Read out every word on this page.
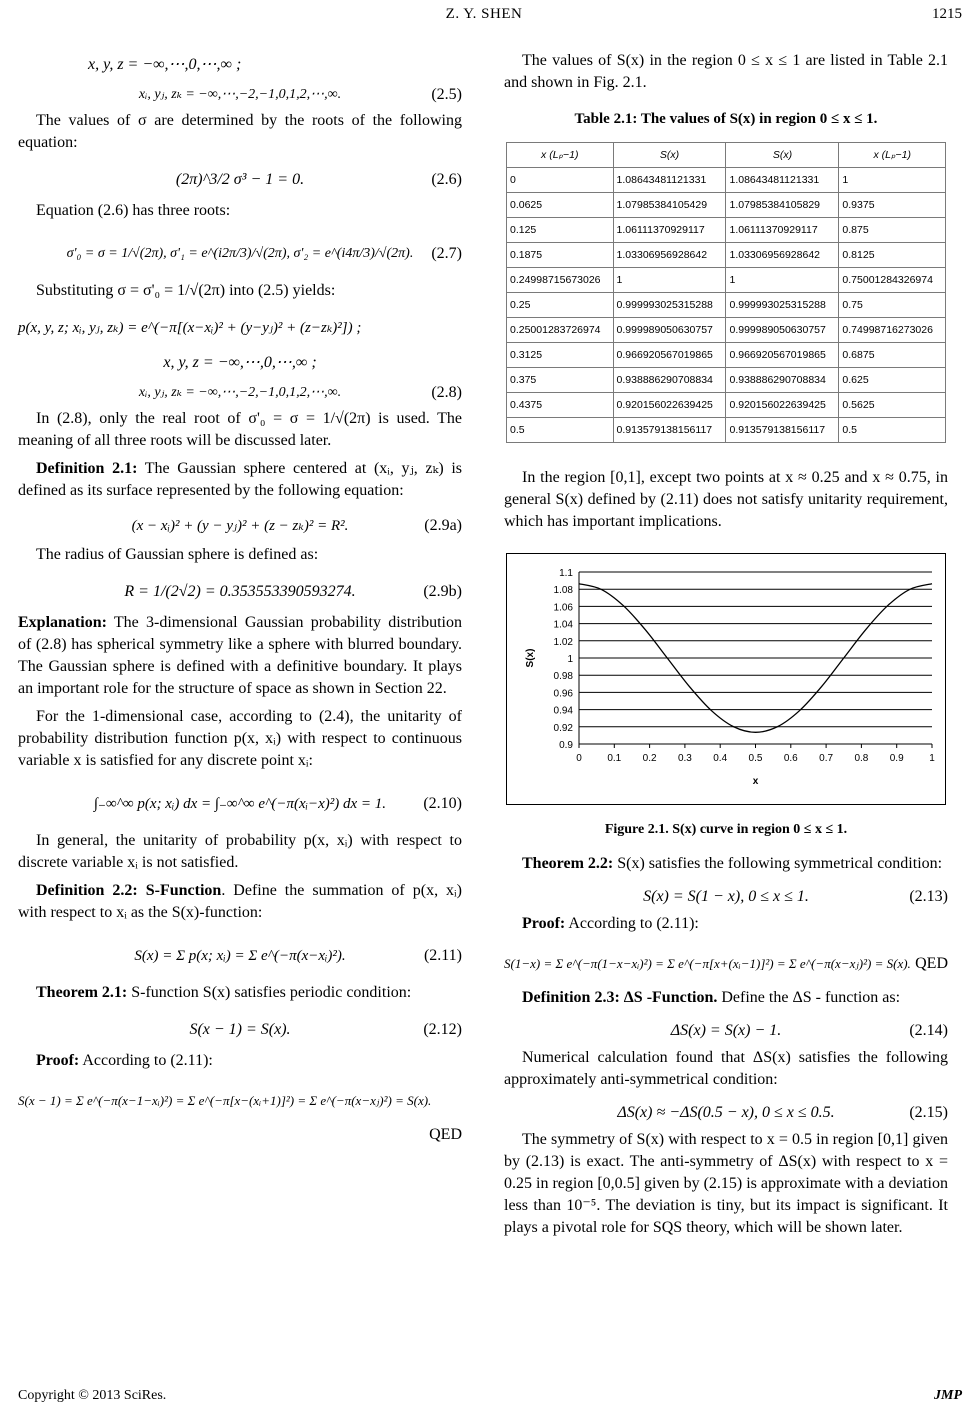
Z. Y. SHEN	1215
x, y, z = −∞,⋯,0,⋯,∞ ;
xᵢ, yⱼ, zₖ = −∞,⋯,−2,−1,0,1,2,⋯,∞.	(2.5)

The values of σ are determined by the roots of the following equation:

(2π)^3/2 σ³ − 1 = 0.	(2.6)

Equation (2.6) has three roots:

σ'₀ = σ = 1/√(2π), σ'₁ = e^(i2π/3)/√(2π), σ'₂ = e^(i4π/3)/√(2π). (2.7)

Substituting σ = σ'₀ = 1/√(2π) into (2.5) yields:

p(x, y, z; xᵢ, yⱼ, zₖ) = e^(−π[(x−xᵢ)² + (y−yⱼ)² + (z−zₖ)²]) ;
x, y, z = −∞,⋯,0,⋯,∞ ;
xᵢ, yⱼ, zₖ = −∞,⋯,−2,−1,0,1,2,⋯,∞.	(2.8)

In (2.8), only the real root of σ'₀ = σ = 1/√(2π) is used. The meaning of all three roots will be discussed later.

Definition 2.1: The Gaussian sphere centered at (xᵢ, yⱼ, zₖ) is defined as its surface represented by the following equation:

(x − xᵢ)² + (y − yⱼ)² + (z − zₖ)² = R².	(2.9a)

The radius of Gaussian sphere is defined as:

R = 1/(2√2) = 0.353553390593274.	(2.9b)

Explanation: The 3-dimensional Gaussian probability distribution of (2.8) has spherical symmetry like a sphere with blurred boundary. The Gaussian sphere is defined with a definitive boundary. It plays an important role for the structure of space as shown in Section 22.

For the 1-dimensional case, according to (2.4), the unitarity of probability distribution function p(x, xᵢ) with respect to continuous variable x is satisfied for any discrete point xᵢ:

∫₋∞^∞ p(x; xᵢ) dx = ∫₋∞^∞ e^(−π(xᵢ−x)²) dx = 1. (2.10)

In general, the unitarity of probability p(x, xᵢ) with respect to discrete variable xᵢ is not satisfied.

Definition 2.2: S-Function. Define the summation of p(x, xᵢ) with respect to xᵢ as the S(x)-function:

S(x) = Σ p(x; xᵢ) = Σ e^(−π(x−xᵢ)²).	(2.11)

Theorem 2.1: S-function S(x) satisfies periodic condition:

S(x − 1) = S(x).	(2.12)

Proof: According to (2.11):

S(x − 1) = Σ e^(−π(x−1−xᵢ)²) = Σ e^(−π[x−(xᵢ+1)]²) = Σ e^(−π(x−xⱼ)²) = S(x).
QED

The values of S(x) in the region 0 ≤ x ≤ 1 are listed in Table 2.1 and shown in Fig. 2.1.

Table 2.1: The values of S(x) in region 0 ≤ x ≤ 1.
x (Lₚ−1)	S(x)	S(x)	x (Lₚ−1)
0	1.08643481121331	1.08643481121331	1
0.0625	1.07985384105429	1.07985384105829	0.9375
0.125	1.06111370929117	1.06111370929117	0.875
0.1875	1.03306956928642	1.03306956928642	0.8125
0.24998715673026	1	1	0.75001284326974
0.25	0.999993025315288	0.999993025315288	0.75
0.25001283726974	0.999989050630757	0.999989050630757	0.74998716273026
0.3125	0.966920567019865	0.966920567019865	0.6875
0.375	0.938886290708834	0.938886290708834	0.625
0.4375	0.920156022639425	0.920156022639425	0.5625
0.5	0.913579138156117	0.913579138156117	0.5

In the region [0,1], except two points at x ≈ 0.25 and x ≈ 0.75, in general S(x) defined by (2.11) does not satisfy unitarity requirement, which has important implications.

0.9
0.92
0.94
0.96
0.98
1
1.02
1.04
1.06
1.08
1.1
0	0.1 0.2 0.3 0.4 0.5 0.6 0.7 0.8 0.9	1
x
S(x)
Figure 2.1. S(x) curve in region 0 ≤ x ≤ 1.

Theorem 2.2: S(x) satisfies the following symmetrical condition:

S(x) = S(1 − x), 0 ≤ x ≤ 1.	(2.13)

Proof: According to (2.11):

S(1−x) = Σ e^(−π(1−x−xᵢ)²) = Σ e^(−π[x+(xᵢ−1)]²) = Σ e^(−π(x−xⱼ)²) = S(x). QED

Definition 2.3: ΔS -Function. Define the ΔS - function as:

ΔS(x) = S(x) − 1.	(2.14)

Numerical calculation found that ΔS(x) satisfies the following approximately anti-symmetrical condition:

ΔS(x) ≈ −ΔS(0.5 − x), 0 ≤ x ≤ 0.5.	(2.15)

The symmetry of S(x) with respect to x = 0.5 in region [0,1] given by (2.13) is exact. The anti-symmetry of ΔS(x) with respect to x = 0.25 in region [0,0.5] given by (2.15) is approximate with a deviation less than 10⁻⁵. The deviation is tiny, but its impact is significant. It plays a pivotal role for SQS theory, which will be shown later.

Copyright © 2013 SciRes.	JMP
